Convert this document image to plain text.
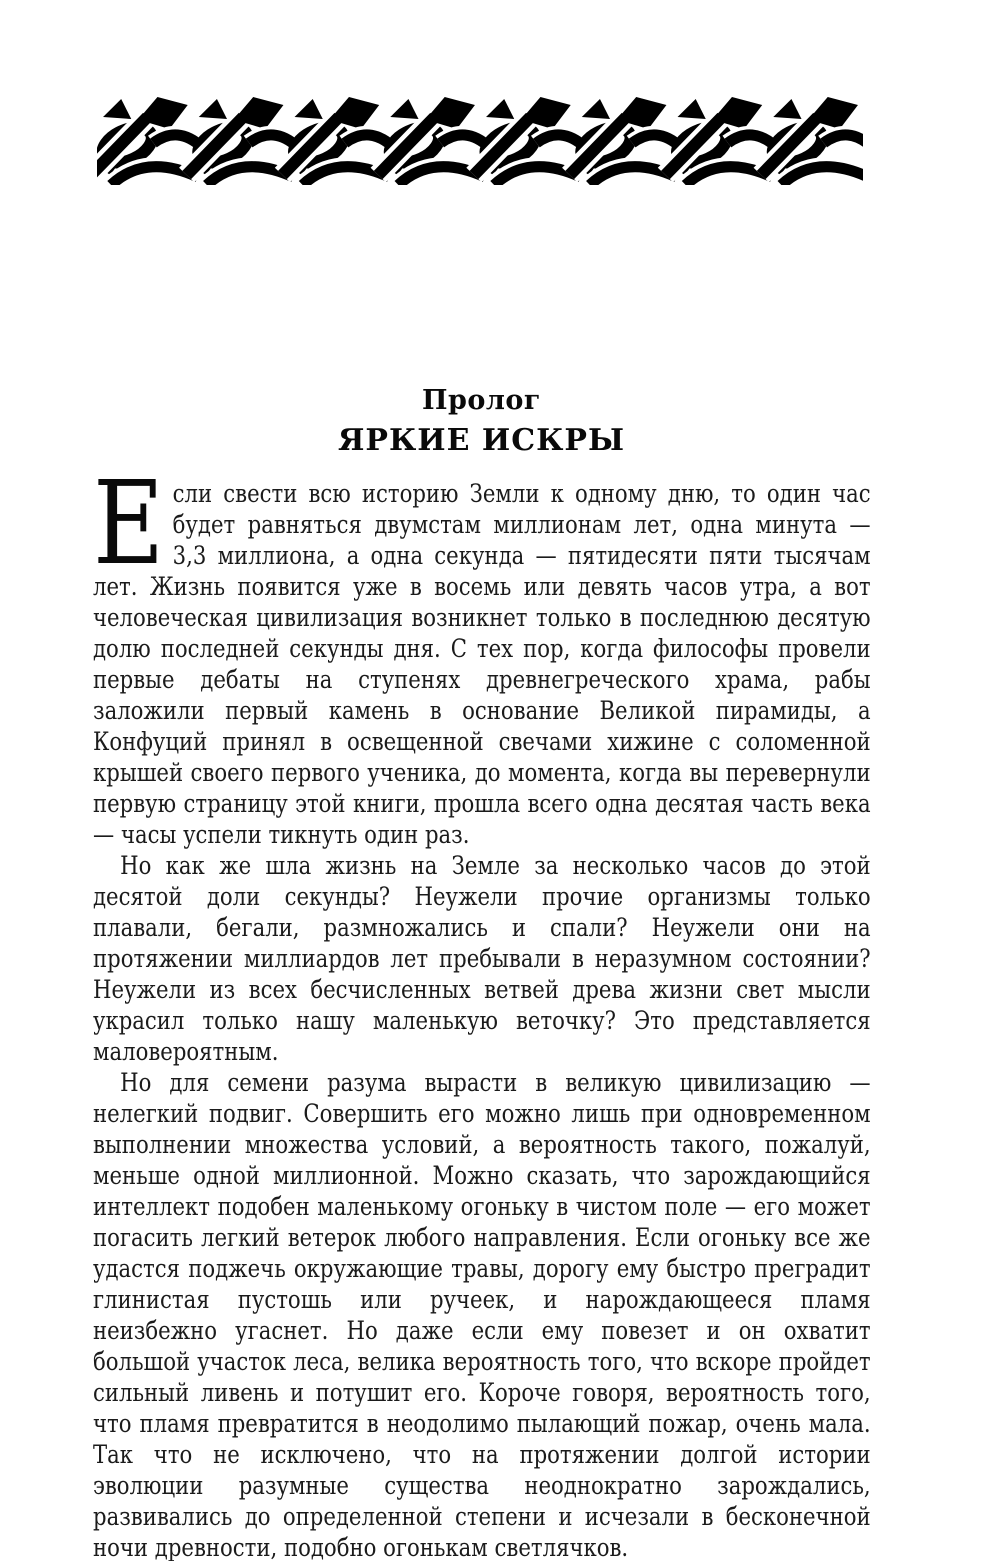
Пролог
ЯРКИЕ ИСКРЫ

Если свести всю историю Земли к одному дню, то один час будет равняться двумстам миллионам лет, одна минута — 3,3 миллиона, а одна секунда — пятидесяти пяти тысячам лет. Жизнь появится уже в восемь или девять часов утра, а вот человеческая цивилизация возникнет только в последнюю десятую долю последней секунды дня. С тех пор, когда философы провели первые дебаты на ступенях древнегреческого храма, рабы заложили первый камень в основание Великой пирамиды, а Конфуций принял в освещенной свечами хижине с соломенной крышей своего первого ученика, до момента, когда вы перевернули первую страницу этой книги, прошла всего одна десятая часть века — часы успели тикнуть один раз.

Но как же шла жизнь на Земле за несколько часов до этой десятой доли секунды? Неужели прочие организмы только плавали, бегали, размножались и спали? Неужели они на протяжении миллиардов лет пребывали в неразумном состоянии? Неужели из всех бесчисленных ветвей древа жизни свет мысли украсил только нашу маленькую веточку? Это представляется маловероятным.

Но для семени разума вырасти в великую цивилизацию — нелегкий подвиг. Совершить его можно лишь при одновременном выполнении множества условий, а вероятность такого, пожалуй, меньше одной миллионной. Можно сказать, что зарождающийся интеллект подобен маленькому огоньку в чистом поле — его может погасить легкий ветерок любого направления. Если огоньку все же удастся поджечь окружающие травы, дорогу ему быстро преградит глинистая пустошь или ручеек, и нарождающееся пламя неизбежно угаснет. Но даже если ему повезет и он охватит большой участок леса, велика вероятность того, что вскоре пройдет сильный ливень и потушит его. Короче говоря, вероятность того, что пламя превратится в неодолимо пылающий пожар, очень мала. Так что не исключено, что на протяжении долгой истории эволюции разумные существа неоднократно зарождались, развивались до определенной степени и исчезали в бесконечной ночи древности, подобно огонькам светлячков.
